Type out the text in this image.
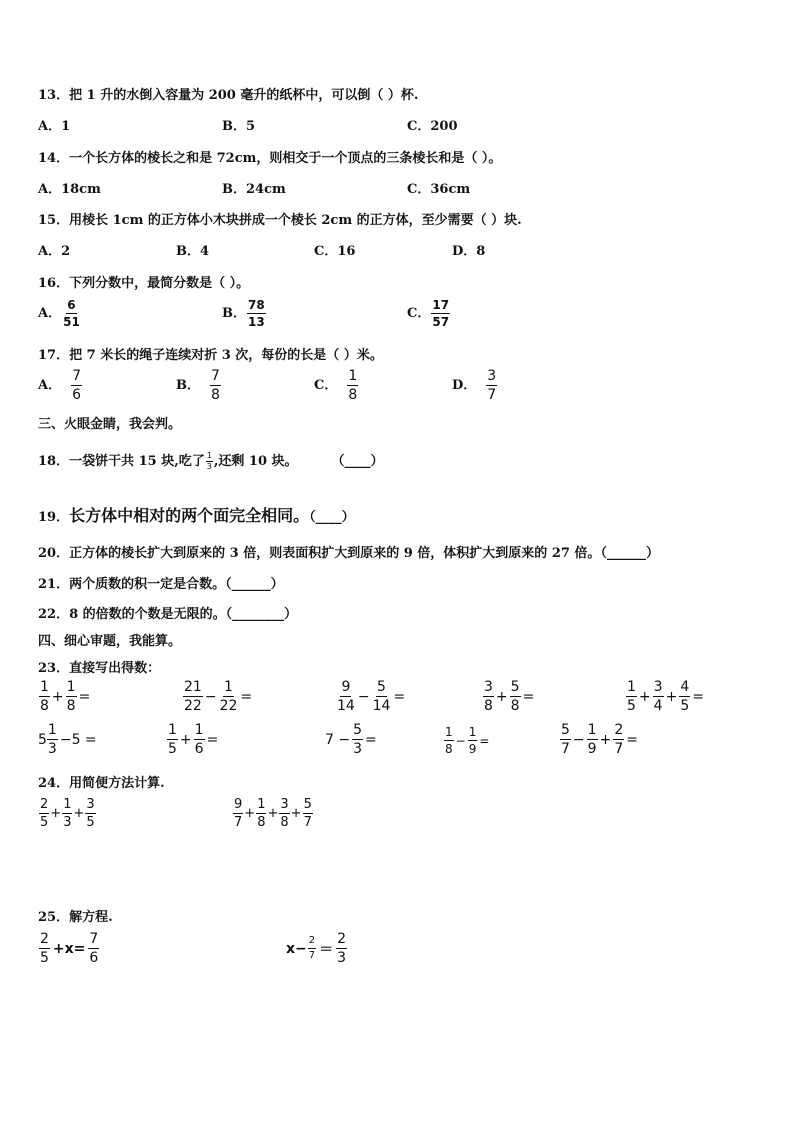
13．把 1 升的水倒入容量为 200 毫升的纸杯中，可以倒（ ）杯.
A．1	B．5	C．200
14．一个长方体的棱长之和是 72cm，则相交于一个顶点的三条棱长和是（ ）。
A．18cm	B．24cm	C．36cm
15．用棱长 1cm 的正方体小木块拼成一个棱长 2cm 的正方体，至少需要（ ）块.
A．2	B．4	C．16	D．8
16．下列分数中，最简分数是（ ）。
A． $\frac{6}{51}$	B． $\frac{78}{13}$	C． $\frac{17}{57}$
17．把 7 米长的绳子连续对折 3 次，每份的长是（ ）米。
A． $\frac{7}{6}$	B． $\frac{7}{8}$	C． $\frac{1}{8}$	D． $\frac{3}{7}$
三、火眼金睛，我会判。
18．一袋饼干共 15 块,吃了 $\frac{1}{3}$ ,还剩 10 块。	（____）
19．长方体中相对的两个面完全相同。（____）
20．正方体的棱长扩大到原来的 3 倍，则表面积扩大到原来的 9 倍，体积扩大到原来的 27 倍。（______）
21．两个质数的积一定是合数。（______）
22．8 的倍数的个数是无限的。（________）
四、细心审题，我能算。
23．直接写出得数：
$\frac{1}{8} + \frac{1}{8}$ =	$\frac{21}{22} - \frac{1}{22}$ =	$\frac{9}{14} - \frac{5}{14}$ =	$\frac{3}{8} + \frac{5}{8}$ =	$\frac{1}{5} + \frac{3}{4} + \frac{4}{5}$ =
$5 \frac{1}{3} -5$ =	$\frac{1}{5} + \frac{1}{6}$ =	$7 - \frac{5}{3}$ =	$\frac{1}{8} - \frac{1}{9}$ =	$\frac{5}{7} - \frac{1}{9} + \frac{2}{7}$ =
24．用简便方法计算.
$\frac{2}{5} + \frac{1}{3} + \frac{3}{5}$	$\frac{9}{7} + \frac{1}{8} + \frac{3}{8} + \frac{5}{7}$
25．解方程.
$\frac{2}{5} +x= \frac{7}{6}$	$x- \frac{2}{7} = \frac{2}{3}$
